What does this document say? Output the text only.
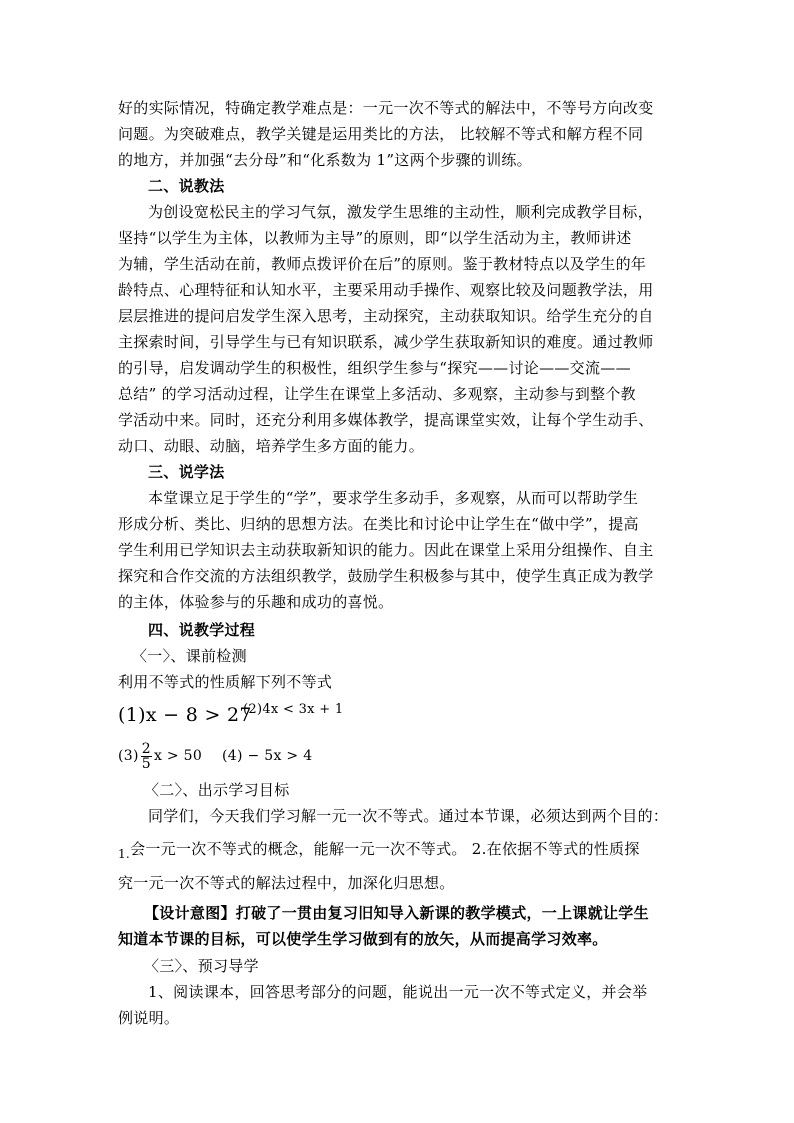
好的实际情况，特确定教学难点是：一元一次不等式的解法中，不等号方向改变
问题。为突破难点，教学关键是运用类比的方法， 比较解不等式和解方程不同
的地方，并加强“去分母”和“化系数为 1”这两个步骤的训练。
二、说教法
为创设宽松民主的学习气氛，激发学生思维的主动性，顺利完成教学目标，
坚持“以学生为主体，以教师为主导”的原则，即“以学生活动为主，教师讲述
为辅，学生活动在前，教师点拨评价在后”的原则。鉴于教材特点以及学生的年
龄特点、心理特征和认知水平，主要采用动手操作、观察比较及问题教学法，用
层层推进的提问启发学生深入思考，主动探究，主动获取知识。给学生充分的自
主探索时间，引导学生与已有知识联系，减少学生获取新知识的难度。通过教师
的引导，启发调动学生的积极性，组织学生参与“探究——讨论——交流——
总结” 的学习活动过程，让学生在课堂上多活动、多观察，主动参与到整个教
学活动中来。同时，还充分利用多媒体教学，提高课堂实效，让每个学生动手、
动口、动眼、动脑，培养学生多方面的能力。
三、说学法
本堂课立足于学生的“学”，要求学生多动手，多观察，从而可以帮助学生
形成分析、类比、归纳的思想方法。在类比和讨论中让学生在“做中学”，提高
学生利用已学知识去主动获取新知识的能力。因此在课堂上采用分组操作、自主
探究和合作交流的方法组织教学，鼓励学生积极参与其中，使学生真正成为教学
的主体，体验参与的乐趣和成功的喜悦。
四、说教学过程
〈一〉、课前检测
利用不等式的性质解下列不等式
(1)x − 8 > 27
(2)4x < 3x + 1
$(3) \frac{2}{5}$ x > 50 (4) − 5x > 4
〈二〉、出示学习目标
同学们，今天我们学习解一元一次不等式。通过本节课，必须达到两个目的：
$_{1.}$会一元一次不等式的概念，能解一元一次不等式。 2.在依据不等式的性质探
究一元一次不等式的解法过程中，加深化归思想。
【设计意图】打破了一贯由复习旧知导入新课的教学模式，一上课就让学生
知道本节课的目标，可以使学生学习做到有的放矢，从而提高学习效率。
〈三〉、预习导学
1、阅读课本，回答思考部分的问题，能说出一元一次不等式定义，并会举
例说明。
